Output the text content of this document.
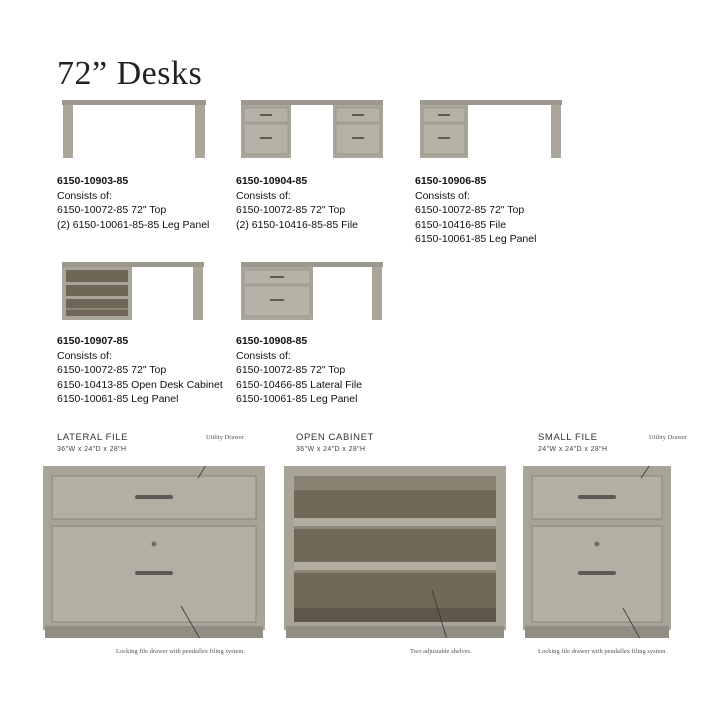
72” Desks
6150-10903-85
Consists of:
6150-10072-85 72" Top
(2) 6150-10061-85-85 Leg Panel
6150-10904-85
Consists of:
6150-10072-85 72" Top
(2) 6150-10416-85-85 File
6150-10906-85
Consists of:
6150-10072-85 72" Top
6150-10416-85 File
6150-10061-85 Leg Panel
6150-10907-85
Consists of:
6150-10072-85 72" Top
6150-10413-85 Open Desk Cabinet
6150-10061-85 Leg Panel
6150-10908-85
Consists of:
6150-10072-85 72" Top
6150-10466-85 Lateral File
6150-10061-85 Leg Panel
LATERAL FILE
36"W x 24"D x 28"H
Utility Drawer
Locking file drawer with pendaflex filing system.
OPEN CABINET
36"W x 24"D x 28"H
Two adjustable shelves.
SMALL FILE
24"W x 24"D x 28"H
Utility Drawer
Locking file drawer with pendaflex filing system.
